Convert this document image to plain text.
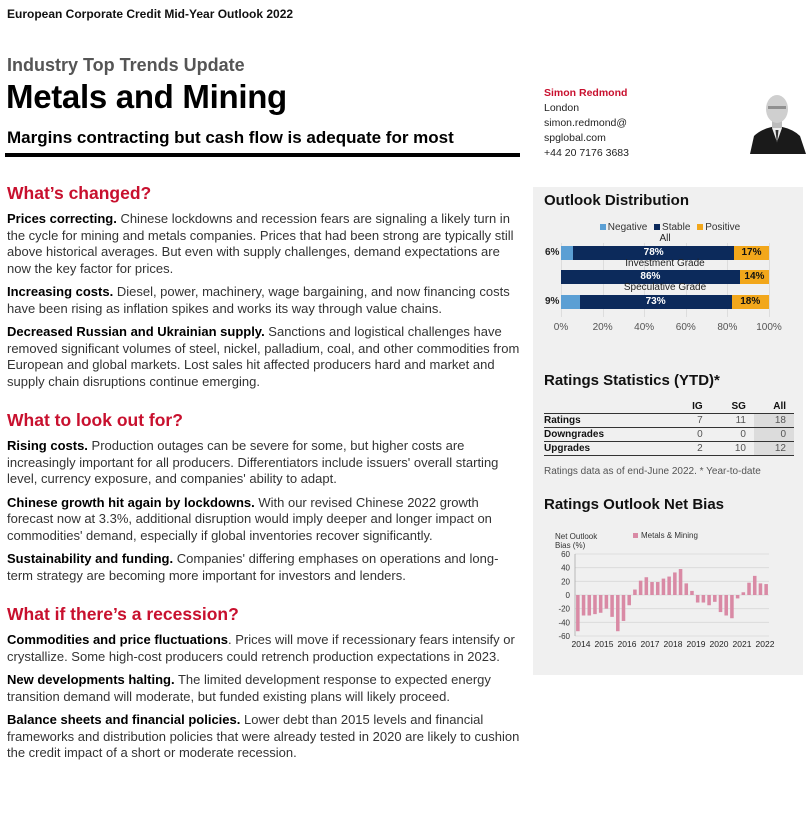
European Corporate Credit Mid-Year Outlook 2022
Industry Top Trends Update
Metals and Mining
Margins contracting but cash flow is adequate for most
Simon Redmond
London
simon.redmond@
spglobal.com
+44 20 7176 3683
What’s changed?

Prices correcting. Chinese lockdowns and recession fears are signaling a likely turn in the cycle for mining and metals companies. Prices that had been strong are typically still above historical averages. But even with supply challenges, demand expectations are now the key factor for prices.

Increasing costs. Diesel, power, machinery, wage bargaining, and now financing costs have been rising as inflation spikes and works its way through value chains.

Decreased Russian and Ukrainian supply. Sanctions and logistical challenges have removed significant volumes of steel, nickel, palladium, coal, and other commodities from European and global markets. Lost sales hit affected producers hard and market and supply chain disruptions continue emerging.

What to look out for?

Rising costs. Production outages can be severe for some, but higher costs are increasingly important for all producers. Differentiators include issuers' overall starting level, currency exposure, and companies' ability to adapt.

Chinese growth hit again by lockdowns. With our revised Chinese 2022 growth forecast now at 3.3%, additional disruption would imply deeper and longer impact on commodities' demand, especially if global inventories recover significantly.

Sustainability and funding. Companies' differing emphases on operations and long-term strategy are becoming more important for investors and lenders.

What if there’s a recession?

Commodities and price fluctuations. Prices will move if recessionary fears intensify or crystallize. Some high-cost producers could retrench production expectations in 2023.

New developments halting. The limited development response to expected energy transition demand will moderate, but funded existing plans will likely proceed.

Balance sheets and financial policies. Lower debt than 2015 levels and financial frameworks and distribution policies that were already tested in 2020 are likely to cushion the credit impact of a short or moderate recession.

Outlook Distribution
Negative Stable Positive
0%	20%	40%	60%	80%	100%
All
6%	78%	17%
Investment Grade
86%	14%
Speculative Grade
9%	73%	18%
Ratings Statistics (YTD)*
	IG	SG	All
Ratings	7	11	18
Downgrades	0	0	0
Upgrades	2	10	12
Ratings data as of end-June 2022. * Year-to-date
Ratings Outlook Net Bias
Net Outlook
Bias (%)
Metals & Mining
60
40
20
0
-20
-40
-60
2014 2015 2016 2017 2018 2019 2020 2021 2022
